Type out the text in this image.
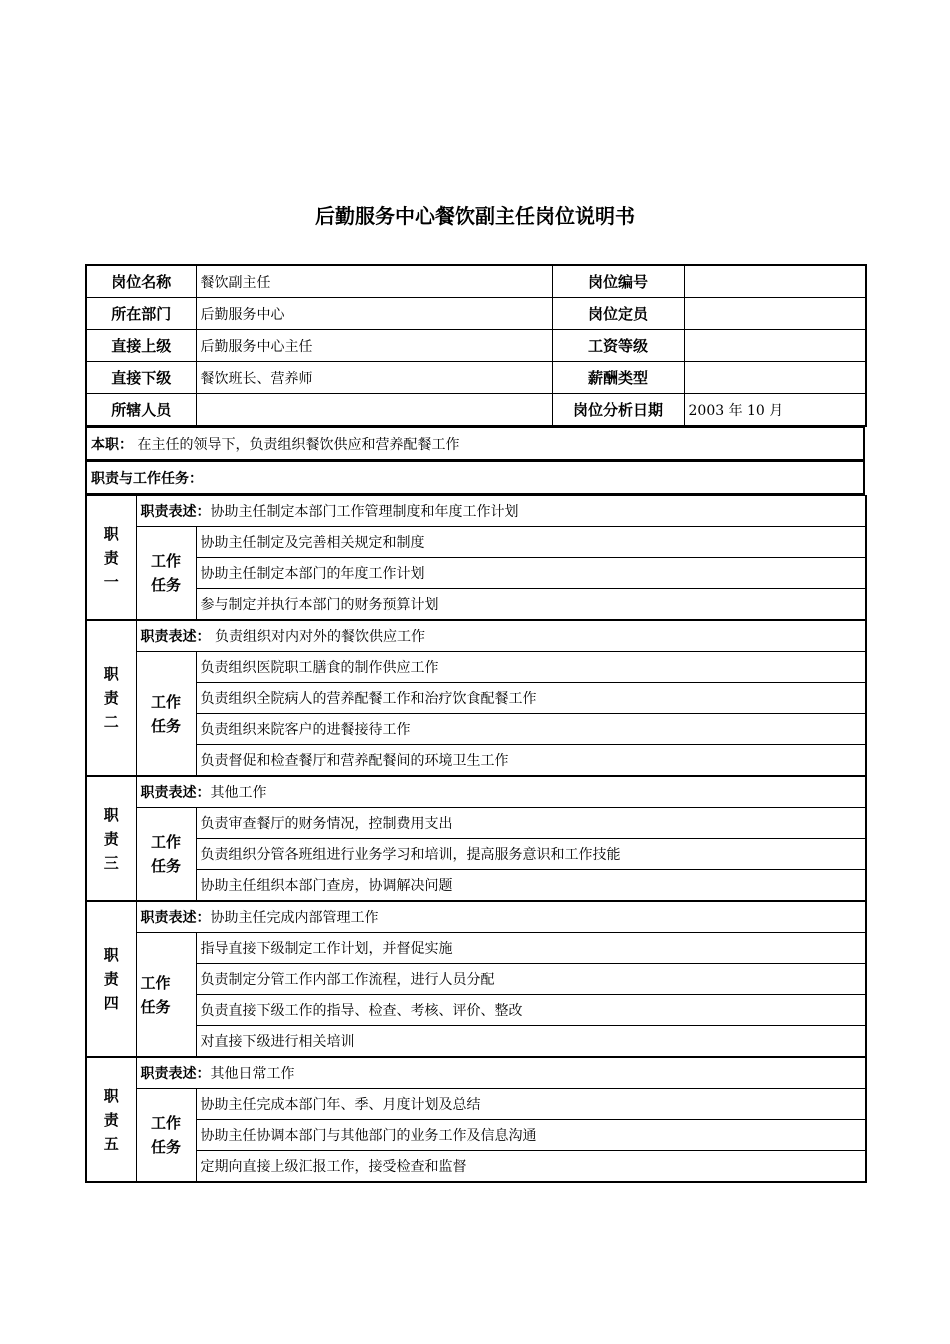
后勤服务中心餐饮副主任岗位说明书
岗位名称	餐饮副主任	岗位编号	
所在部门	后勤服务中心	岗位定员	
直接上级	后勤服务中心主任	工资等级	
直接下级	餐饮班长、营养师	薪酬类型	
所辖人员		岗位分析日期	2003 年 10 月
本职： 在主任的领导下，负责组织餐饮供应和营养配餐工作
职责与工作任务：
职
责
一	职责表述：协助主任制定本部门工作管理制度和年度工作计划	

	工作
任务	协助主任制定及完善相关规定和制度
		协助主任制定本部门的年度工作计划
		参与制定并执行本部门的财务预算计划

职
责
二	职责表述： 负责组织对内对外的餐饮供应工作	

	工作
任务	负责组织医院职工膳食的制作供应工作
		负责组织全院病人的营养配餐工作和治疗饮食配餐工作
		负责组织来院客户的进餐接待工作
		负责督促和检查餐厅和营养配餐间的环境卫生工作

职
责
三	职责表述：其他工作	

	工作
任务	负责审查餐厅的财务情况，控制费用支出
		负责组织分管各班组进行业务学习和培训，提高服务意识和工作技能
		协助主任组织本部门查房，协调解决问题

职
责
四	职责表述：协助主任完成内部管理工作	

	工作
任务	指导直接下级制定工作计划，并督促实施
		负责制定分管工作内部工作流程，进行人员分配
		负责直接下级工作的指导、检查、考核、评价、整改
		对直接下级进行相关培训

职
责
五	职责表述：其他日常工作	

	工作
任务	协助主任完成本部门年、季、月度计划及总结
		协助主任协调本部门与其他部门的业务工作及信息沟通
		定期向直接上级汇报工作，接受检查和监督
